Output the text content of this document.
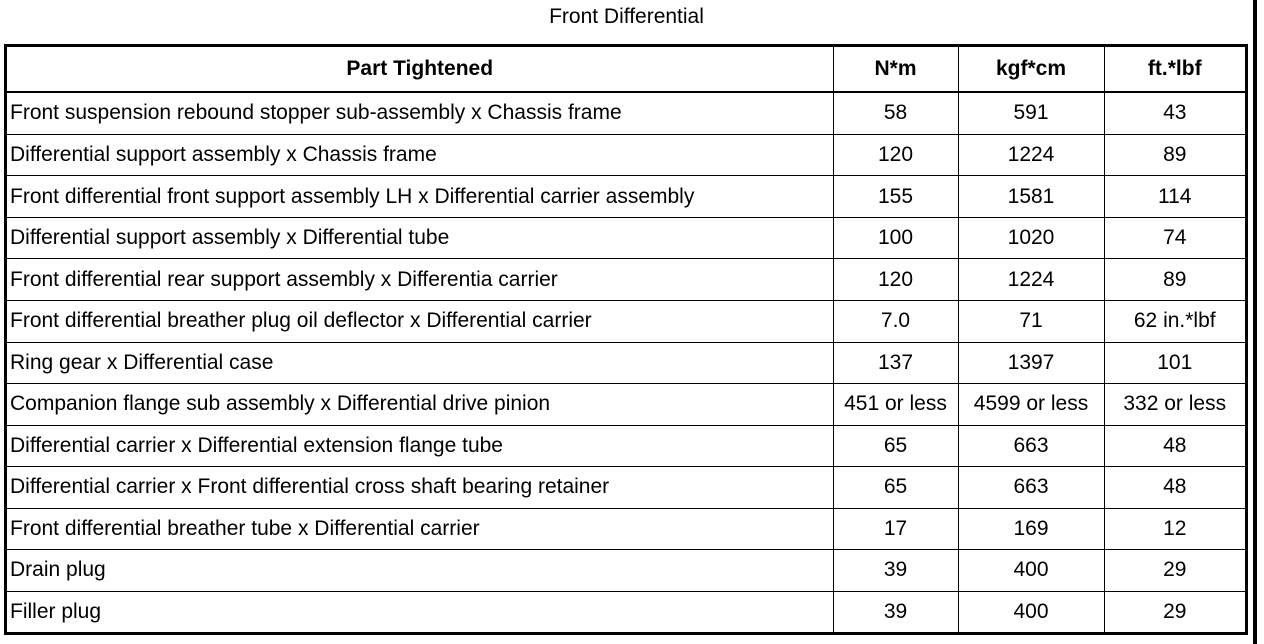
Front Differential
Part Tightened	N*m	kgf*cm	ft.*lbf
Front suspension rebound stopper sub-assembly x Chassis frame	58	591	43
Differential support assembly x Chassis frame	120	1224	89
Front differential front support assembly LH x Differential carrier assembly	155	1581	114
Differential support assembly x Differential tube	100	1020	74
Front differential rear support assembly x Differentia carrier	120	1224	89
Front differential breather plug oil deflector x Differential carrier	7.0	71	62 in.*lbf
Ring gear x Differential case	137	1397	101
Companion flange sub assembly x Differential drive pinion	451 or less	4599 or less	332 or less
Differential carrier x Differential extension flange tube	65	663	48
Differential carrier x Front differential cross shaft bearing retainer	65	663	48
Front differential breather tube x Differential carrier	17	169	12
Drain plug	39	400	29
Filler plug	39	400	29
